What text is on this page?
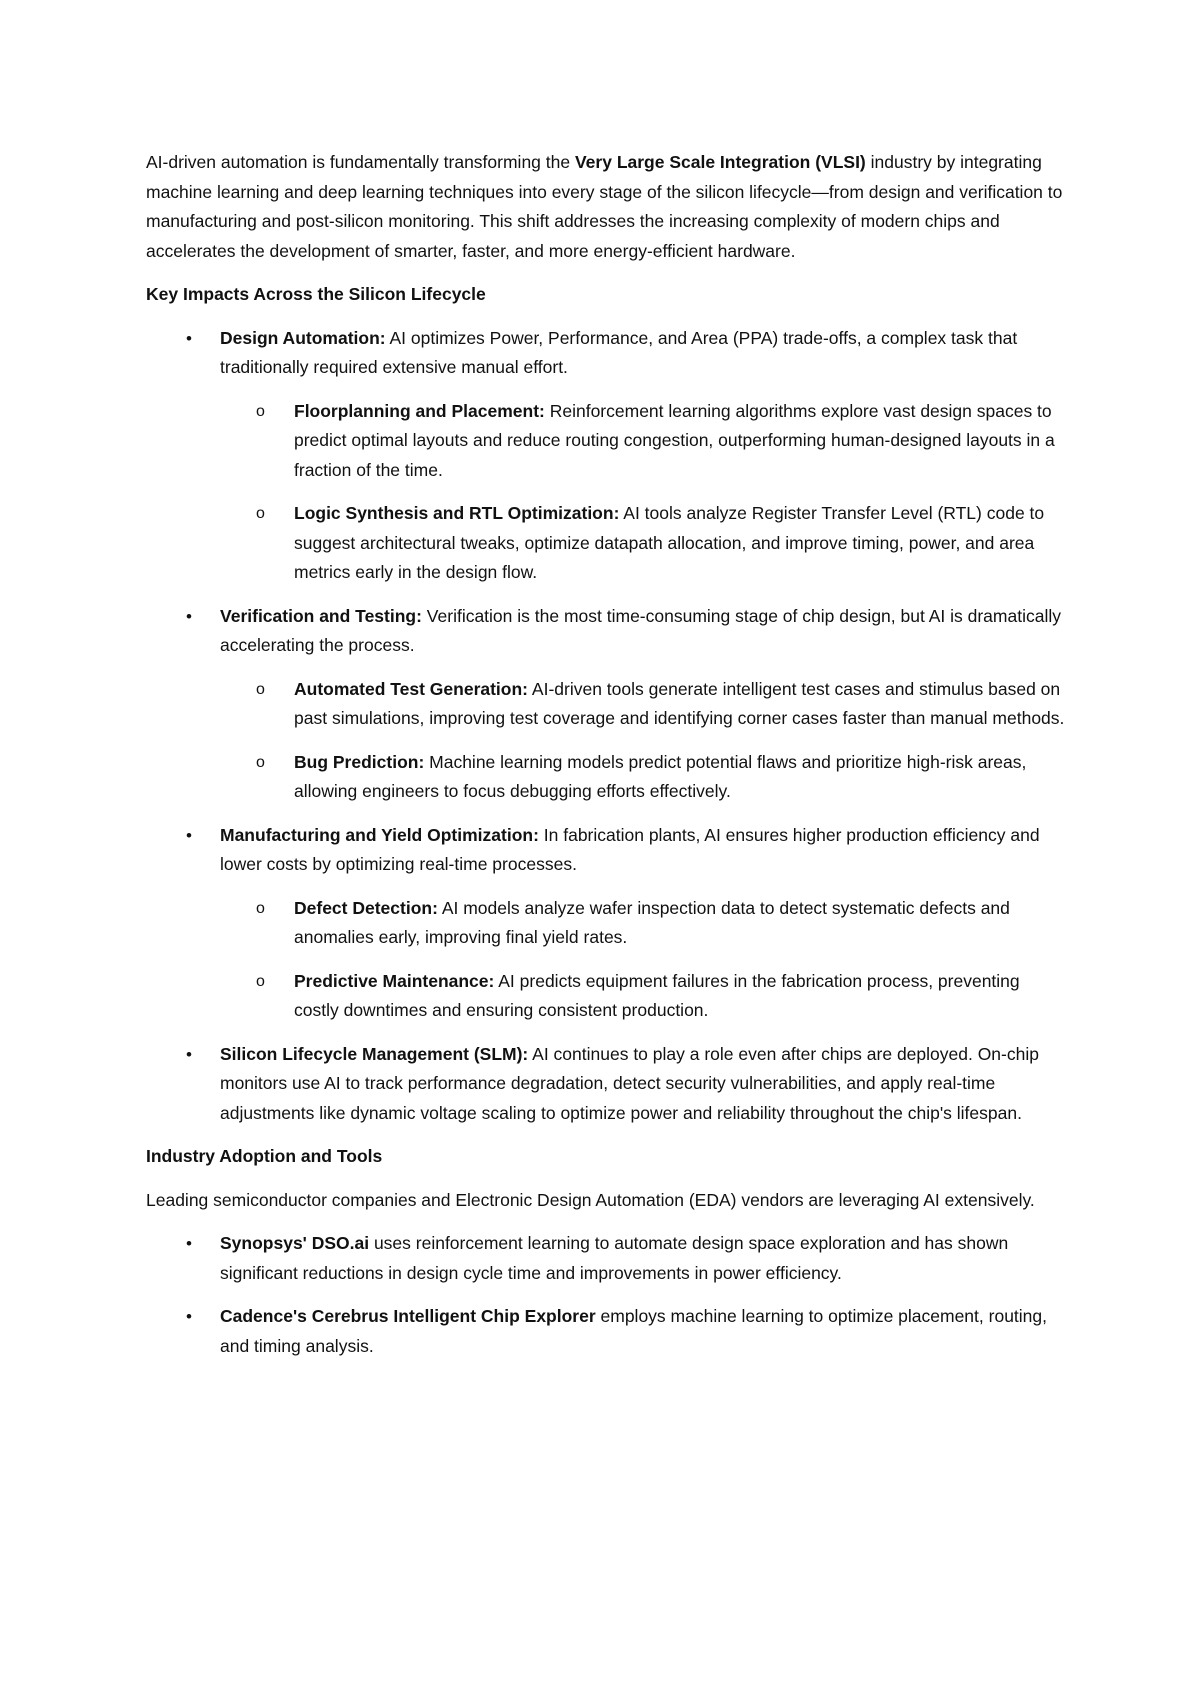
AI-driven automation is fundamentally transforming the Very Large Scale Integration (VLSI) industry by integrating machine learning and deep learning techniques into every stage of the silicon lifecycle—from design and verification to manufacturing and post-silicon monitoring. This shift addresses the increasing complexity of modern chips and accelerates the development of smarter, faster, and more energy-efficient hardware.

Key Impacts Across the Silicon Lifecycle
• Design Automation: AI optimizes Power, Performance, and Area (PPA) trade-offs, a complex task that traditionally required extensive manual effort.

o Floorplanning and Placement: Reinforcement learning algorithms explore vast design spaces to predict optimal layouts and reduce routing congestion, outperforming human-designed layouts in a fraction of the time.

o Logic Synthesis and RTL Optimization: AI tools analyze Register Transfer Level (RTL) code to suggest architectural tweaks, optimize datapath allocation, and improve timing, power, and area metrics early in the design flow.

• Verification and Testing: Verification is the most time-consuming stage of chip design, but AI is dramatically accelerating the process.

o Automated Test Generation: AI-driven tools generate intelligent test cases and stimulus based on past simulations, improving test coverage and identifying corner cases faster than manual methods.

o Bug Prediction: Machine learning models predict potential flaws and prioritize high-risk areas, allowing engineers to focus debugging efforts effectively.

• Manufacturing and Yield Optimization: In fabrication plants, AI ensures higher production efficiency and lower costs by optimizing real-time processes.

o Defect Detection: AI models analyze wafer inspection data to detect systematic defects and anomalies early, improving final yield rates.

o Predictive Maintenance: AI predicts equipment failures in the fabrication process, preventing costly downtimes and ensuring consistent production.

• Silicon Lifecycle Management (SLM): AI continues to play a role even after chips are deployed. On-chip monitors use AI to track performance degradation, detect security vulnerabilities, and apply real-time adjustments like dynamic voltage scaling to optimize power and reliability throughout the chip's lifespan.

Industry Adoption and Tools

Leading semiconductor companies and Electronic Design Automation (EDA) vendors are leveraging AI extensively.

• Synopsys' DSO.ai uses reinforcement learning to automate design space exploration and has shown significant reductions in design cycle time and improvements in power efficiency.

• Cadence's Cerebrus Intelligent Chip Explorer employs machine learning to optimize placement, routing, and timing analysis.
